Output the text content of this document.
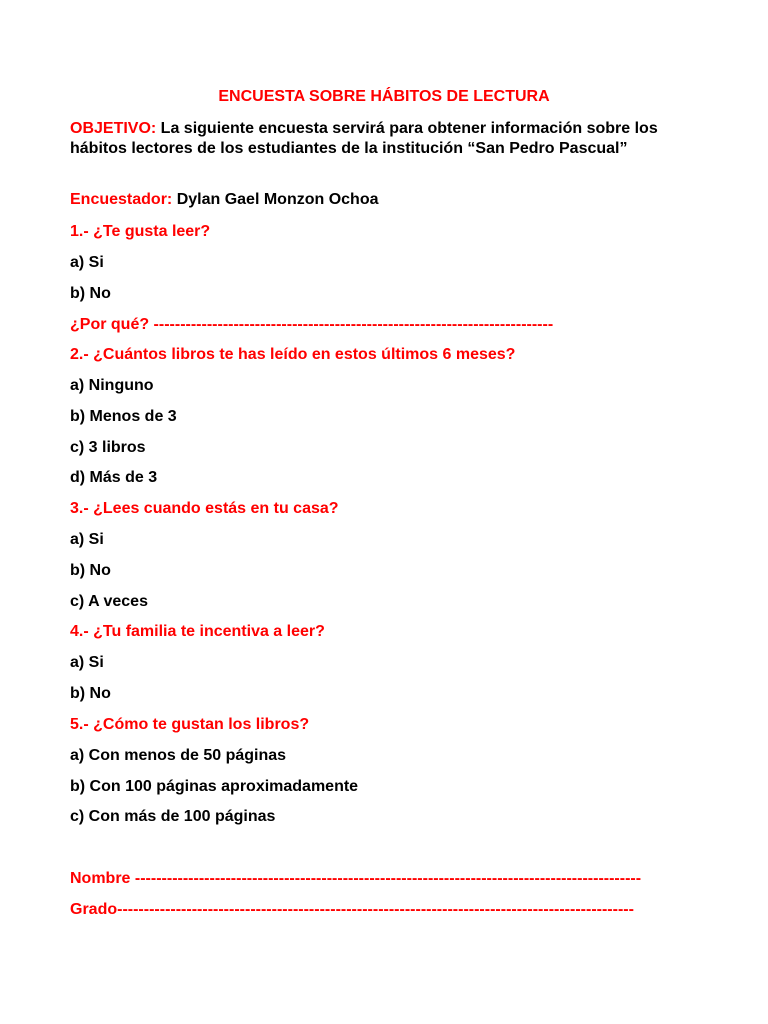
ENCUESTA SOBRE HÁBITOS DE LECTURA
OBJETIVO: La siguiente encuesta servirá para obtener información sobre los hábitos lectores de los estudiantes de la institución “San Pedro Pascual”
Encuestador: Dylan Gael Monzon Ochoa
1.- ¿Te gusta leer?
a) Si
b) No
¿Por qué? ---------------------------------------------------------------------------
2.- ¿Cuántos libros te has leído en estos últimos 6 meses?
a) Ninguno
b) Menos de 3
c) 3 libros
d) Más de 3
3.- ¿Lees cuando estás en tu casa?
a) Si
b) No
c) A veces
4.- ¿Tu familia te incentiva a leer?
a) Si
b) No
5.- ¿Cómo te gustan los libros?
a) Con menos de 50 páginas
b) Con 100 páginas aproximadamente
c) Con más de 100 páginas
Nombre -----------------------------------------------------------------------------------------------
Grado-------------------------------------------------------------------------------------------------
